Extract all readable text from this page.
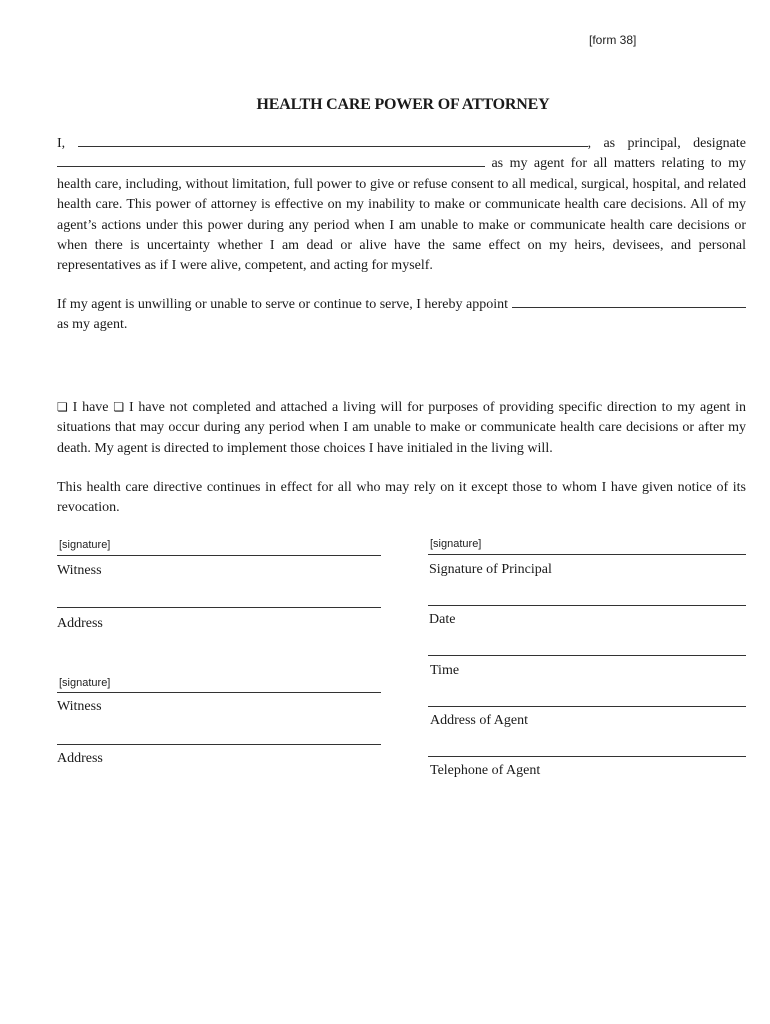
[form 38]
HEALTH CARE POWER OF ATTORNEY
I,	, as principal, designate  as my agent for all matters relating to my health care, including, without limitation, full power to give or refuse consent to all medical, surgical, hospital, and related health care. This power of attorney is effective on my inability to make or communicate health care decisions. All of my agent’s actions under this power during any period when I am unable to make or communicate health care decisions or when there is uncertainty whether I am dead or alive have the same effect on my heirs, devisees, and personal representatives as if I were alive, competent, and acting for myself.
If my agent is unwilling or unable to serve or continue to serve, I hereby appoint
as my agent.
❏ I have ❏ I have not completed and attached a living will for purposes of providing specific direction to my agent in situations that may occur during any period when I am unable to make or communicate health care decisions or after my death. My agent is directed to implement those choices I have initialed in the living will.
This health care directive continues in effect for all who may rely on it except those to whom I have given notice of its revocation.
[signature]
Witness
Address
[signature]
Witness
Address
[signature]
Signature of Principal
Date
Time
Address of Agent
Telephone of Agent
